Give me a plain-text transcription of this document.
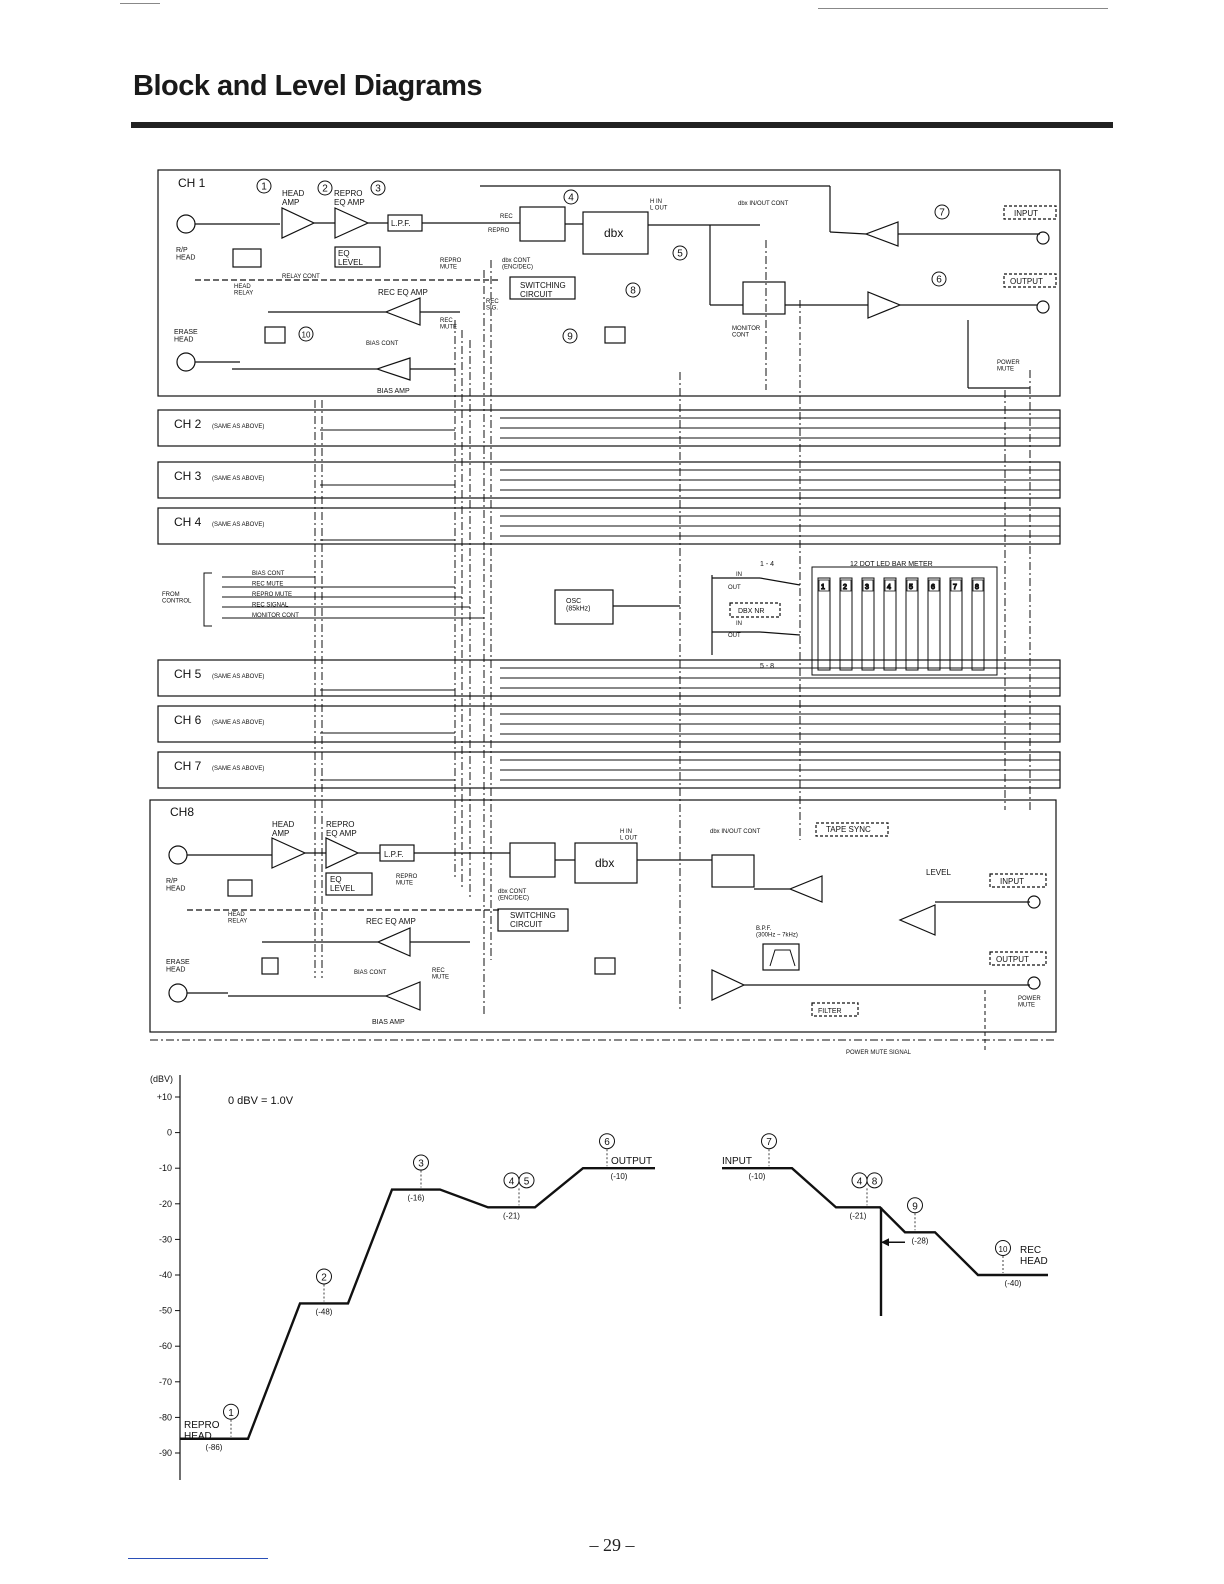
Block and Level Diagrams
1	2	3	4	5	6	7	8
CH 2 (SAME AS ABOVE)
CH 3 (SAME AS ABOVE)
CH 4 (SAME AS ABOVE)
CH 5 (SAME AS ABOVE)
CH 6 (SAME AS ABOVE)
CH 7 (SAME AS ABOVE)
CH 1
HEAD AMP
REPRO EQ AMP
L.P.F.
dbx
EQ LEVEL	REPRO MUTE
REC
REPRO
dbx CONT (ENC/DEC)
SWITCHING CIRCUIT
RELAY CONT
HEAD RELAY	REC EQ AMP
REC SIG.
REC MUTE
BIAS CONT
BIAS AMP
R/P HEAD
ERASE HEAD
H IN L OUT
dbx IN/OUT CONT
INPUT
OUTPUT
MONITOR CONT
POWER MUTE
FROM CONTROL
BIAS CONT
REC MUTE
REPRO MUTE
REC SIGNAL
MONITOR CONT
OSC (85kHz)
12 DOT LED BAR METER
1 - 4
5 - 8
IN
OUT
DBX NR
IN
OUT
CH8
HEAD AMP
REPRO EQ AMP
L.P.F.
dbx
EQ LEVEL
REPRO MUTE
dbx CONT (ENC/DEC)
SWITCHING CIRCUIT
HEAD RELAY	REC EQ AMP
REC MUTE
BIAS CONT
BIAS AMP
R/P HEAD
ERASE HEAD
H IN L OUT
dbx IN/OUT CONT	TAPE SYNC
LEVEL
INPUT
OUTPUT
B.P.F. (300Hz ~ 7kHz)
FILTER
POWER MUTE
POWER MUTE SIGNAL
1	2	3
4
5
6
7
8
9
10
(dBV)
0 dBV = 1.0V
+10
0
-10
-20
-30
-40
-50
-60
-70
-80
-90
(-86)
1
REPRO HEAD
(-48)
2
(-16)
3
(-21)
4 5	(-10)
6
OUTPUT
(-10)
7
INPUT
(-21)
4 8
(-28)
9
(-40)
10 REC HEAD
– 29 –
